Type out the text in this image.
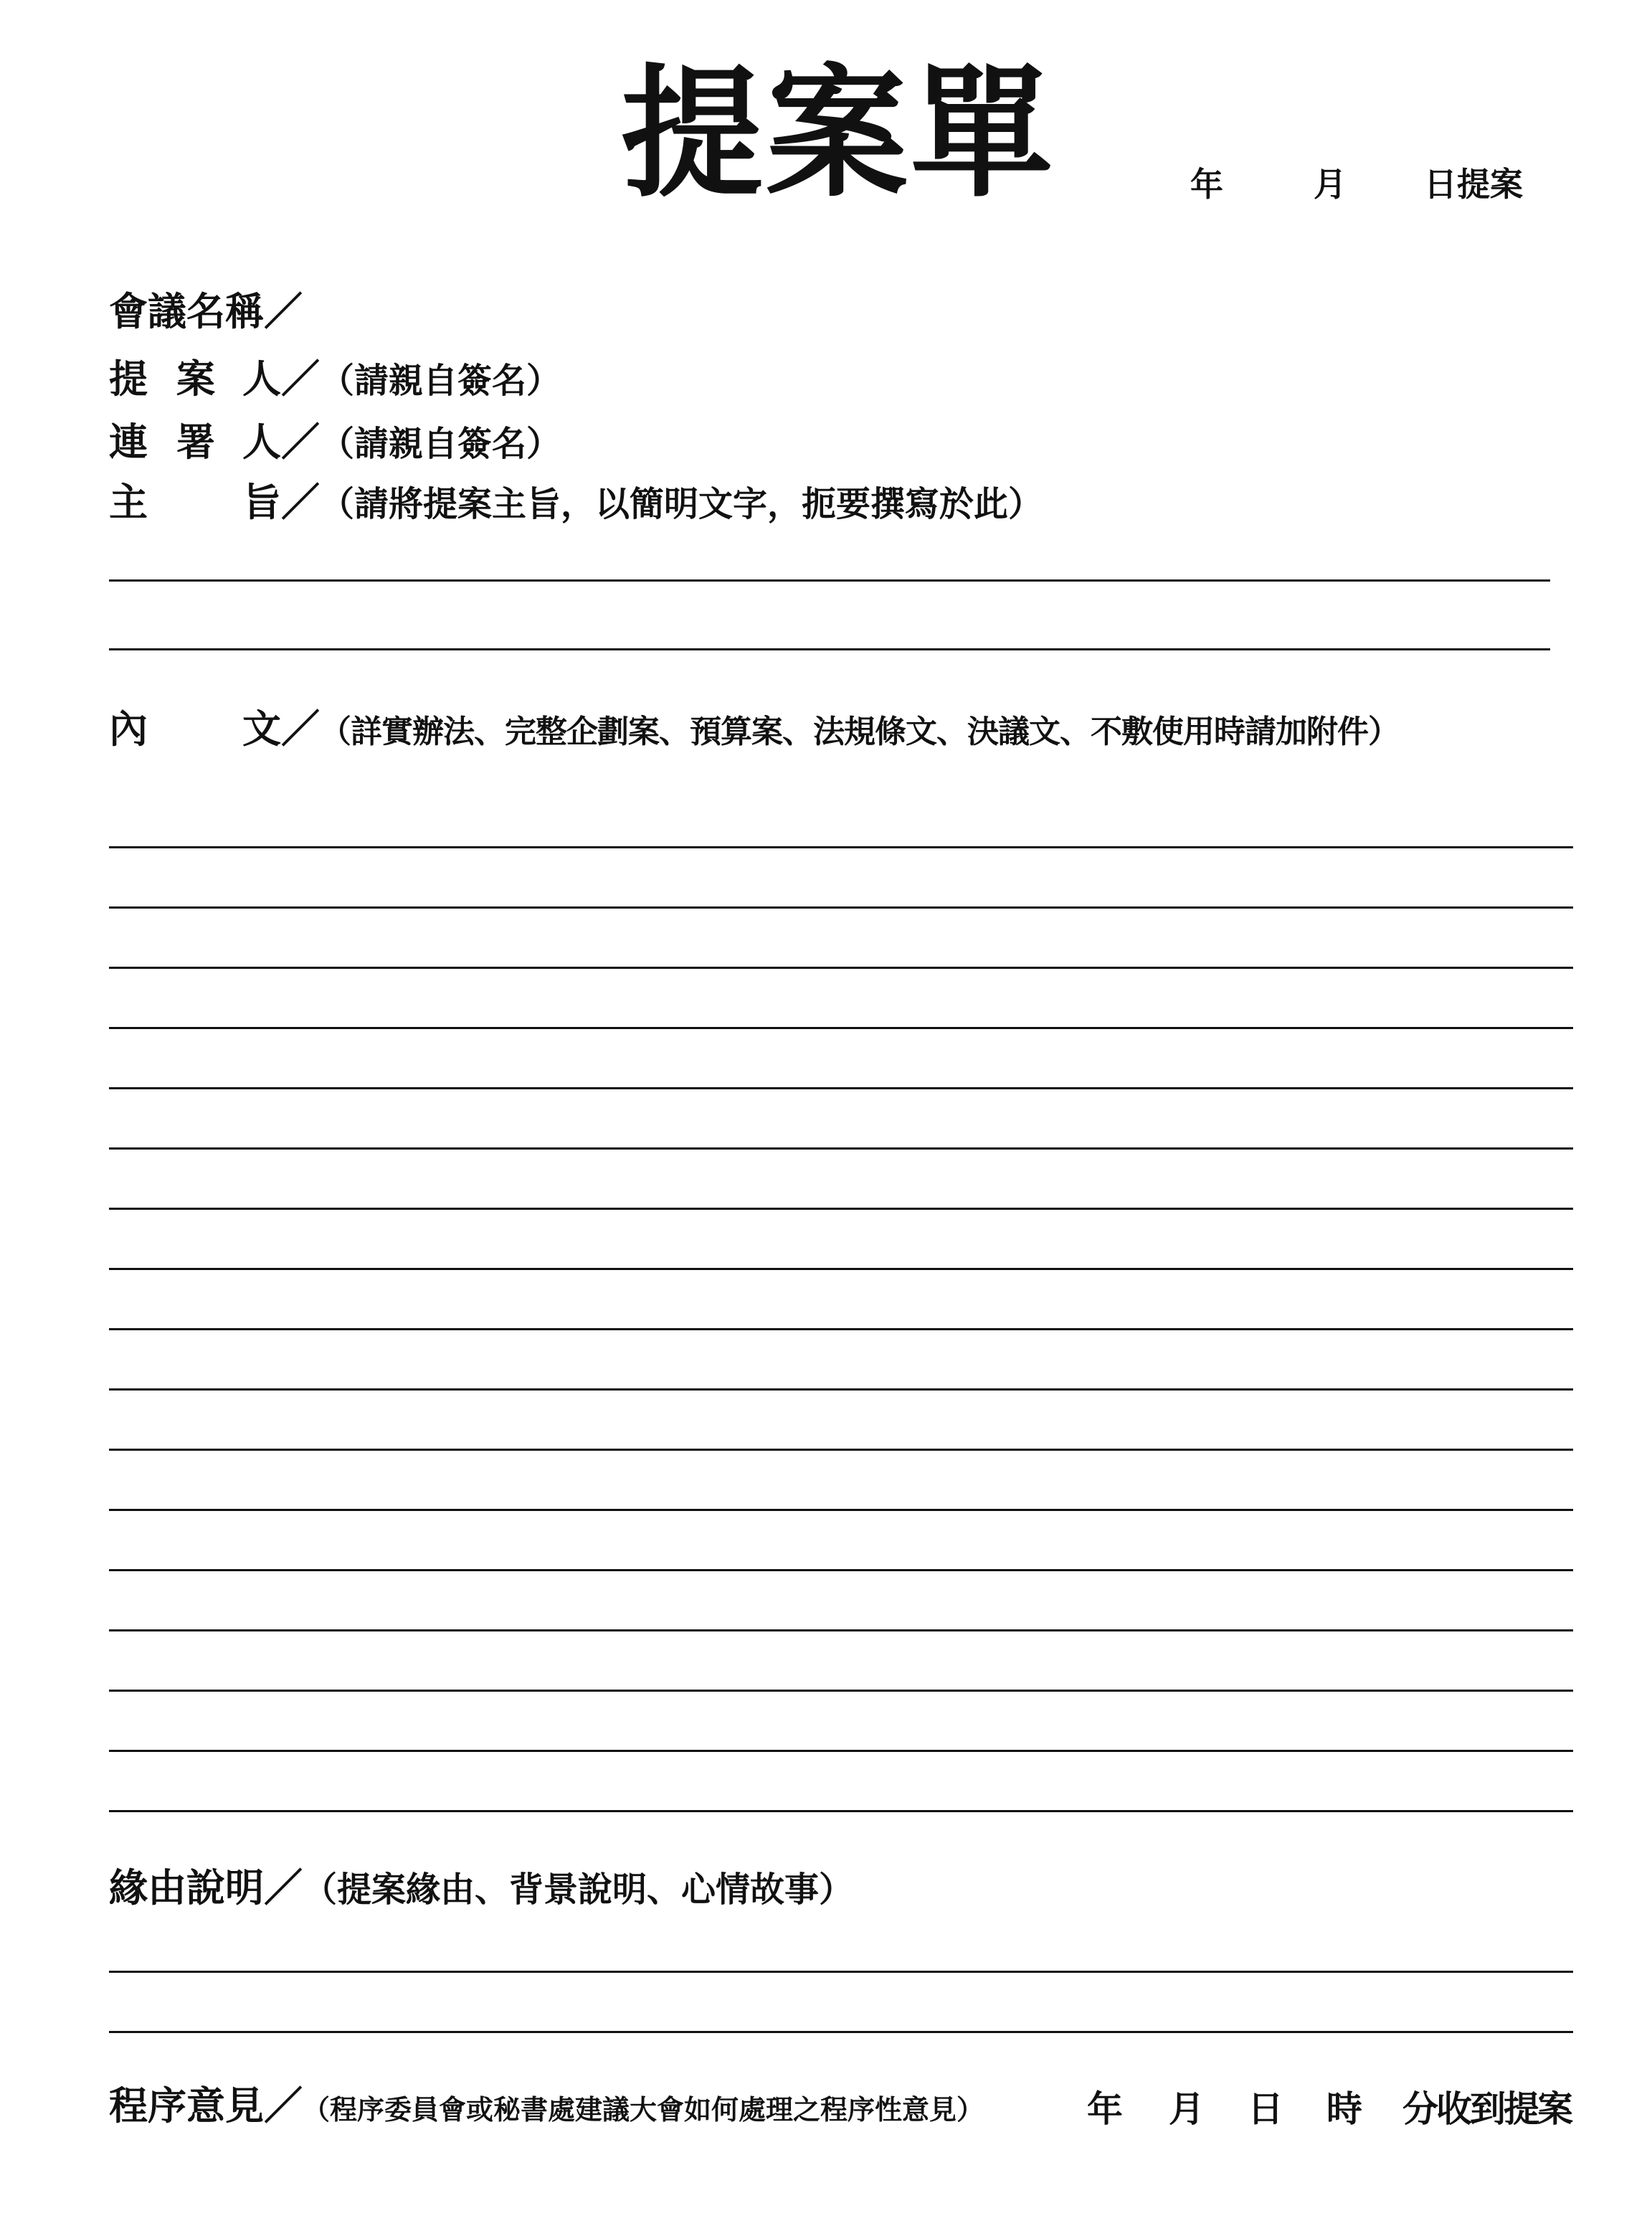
提案單	年	月 日提案
會議名稱 ／
提 案 人 ／ （請親自簽名）
連 署 人 ／ （請親自簽名）
主	旨 ／ （請將提案主旨，以簡明文字，扼要撰寫於此）
內	文 ／ （詳實辦法、完整企劃案、預算案、法規條文、決議文、不敷使用時請加附件）
緣由說明 ／ （提案緣由、背景說明、心情故事）
程序意見 ／ （程序委員會或秘書處建議大會如何處理之程序性意見）	年 月 日 時 分收到提案
